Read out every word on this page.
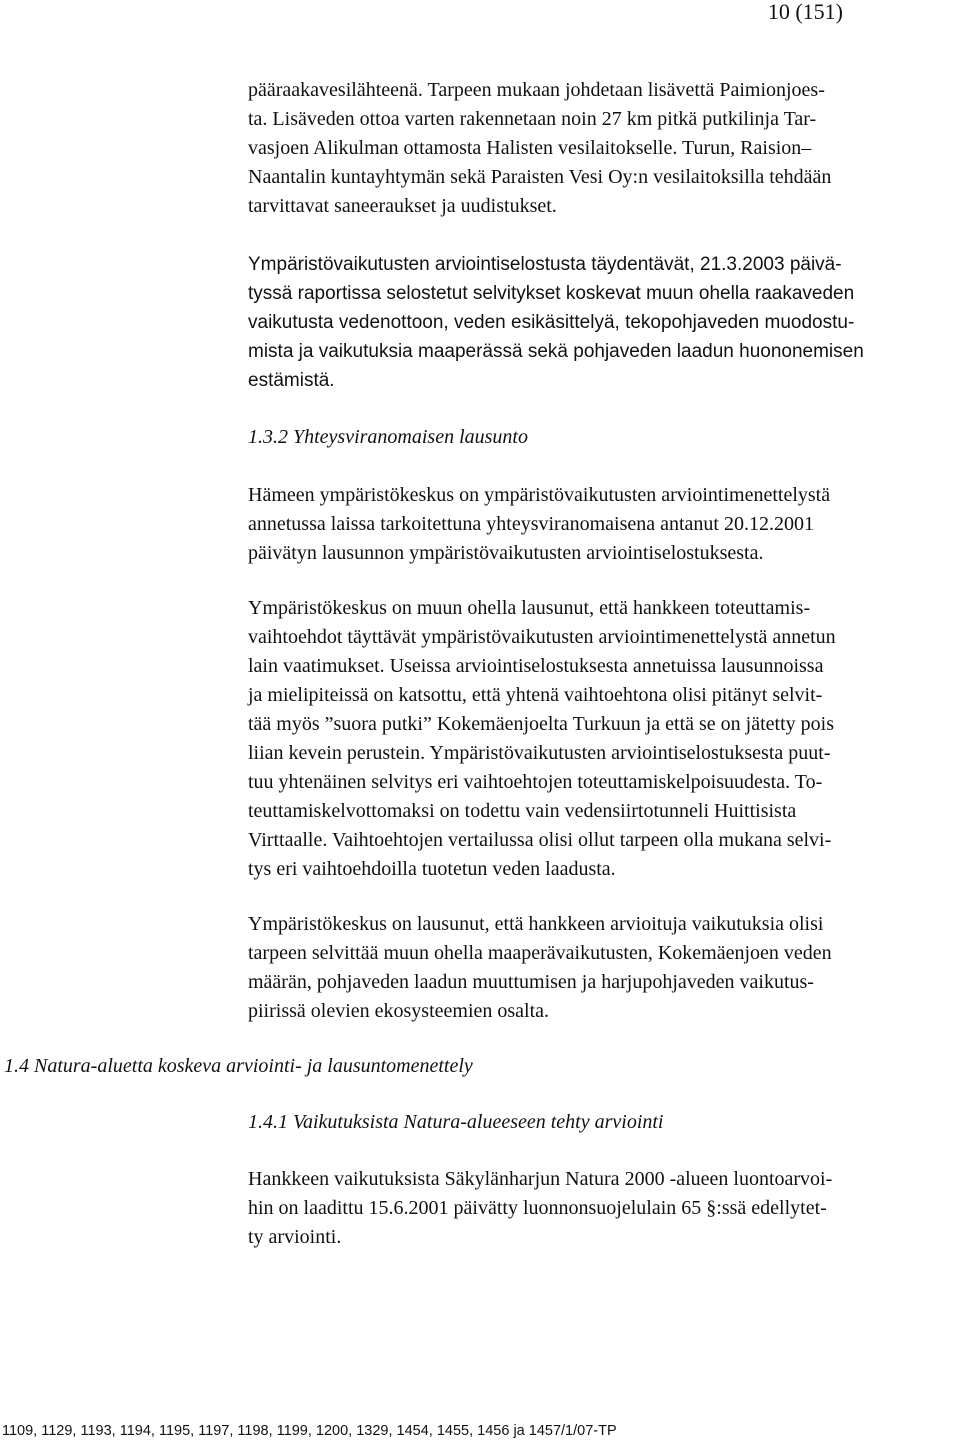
10 (151)
pääraakavesilähteenä. Tarpeen mukaan johdetaan lisävettä Paimionjoes-
ta. Lisäveden ottoa varten rakennetaan noin 27 km pitkä putkilinja Tar-
vasjoen Alikulman ottamosta Halisten vesilaitokselle. Turun, Raision–
Naantalin kuntayhtymän sekä Paraisten Vesi Oy:n vesilaitoksilla tehdään
tarvittavat saneeraukset ja uudistukset.
Ympäristövaikutusten arviointiselostusta täydentävät, 21.3.2003 päivä-
tyssä raportissa selostetut selvitykset koskevat muun ohella raakaveden
vaikutusta vedenottoon, veden esikäsittelyä, tekopohjaveden muodostu-
mista ja vaikutuksia maaperässä sekä pohjaveden laadun huononemisen
estämistä.
1.3.2 Yhteysviranomaisen lausunto
Hämeen ympäristökeskus on ympäristövaikutusten arviointimenettelystä
annetussa laissa tarkoitettuna yhteysviranomaisena antanut 20.12.2001
päivätyn lausunnon ympäristövaikutusten arviointiselostuksesta.
Ympäristökeskus on muun ohella lausunut, että hankkeen toteuttamis-
vaihtoehdot täyttävät ympäristövaikutusten arviointimenettelystä annetun
lain vaatimukset. Useissa arviointiselostuksesta annetuissa lausunnoissa
ja mielipiteissä on katsottu, että yhtenä vaihtoehtona olisi pitänyt selvit-
tää myös ”suora putki” Kokemäenjoelta Turkuun ja että se on jätetty pois
liian kevein perustein. Ympäristövaikutusten arviointiselostuksesta puut-
tuu yhtenäinen selvitys eri vaihtoehtojen toteuttamiskelpoisuudesta. To-
teuttamiskelvottomaksi on todettu vain vedensiirtotunneli Huittisista
Virttaalle. Vaihtoehtojen vertailussa olisi ollut tarpeen olla mukana selvi-
tys eri vaihtoehdoilla tuotetun veden laadusta.
Ympäristökeskus on lausunut, että hankkeen arvioituja vaikutuksia olisi
tarpeen selvittää muun ohella maaperävaikutusten, Kokemäenjoen veden
määrän, pohjaveden laadun muuttumisen ja harjupohjaveden vaikutus-
piirissä olevien ekosysteemien osalta.
1.4 Natura-aluetta koskeva arviointi- ja lausuntomenettely
1.4.1 Vaikutuksista Natura-alueeseen tehty arviointi
Hankkeen vaikutuksista Säkylänharjun Natura 2000 -alueen luontoarvoi-
hin on laadittu 15.6.2001 päivätty luonnonsuojelulain 65 §:ssä edellytet-
ty arviointi.
1109, 1129, 1193, 1194, 1195, 1197, 1198, 1199, 1200, 1329, 1454, 1455, 1456 ja 1457/1/07-TP
